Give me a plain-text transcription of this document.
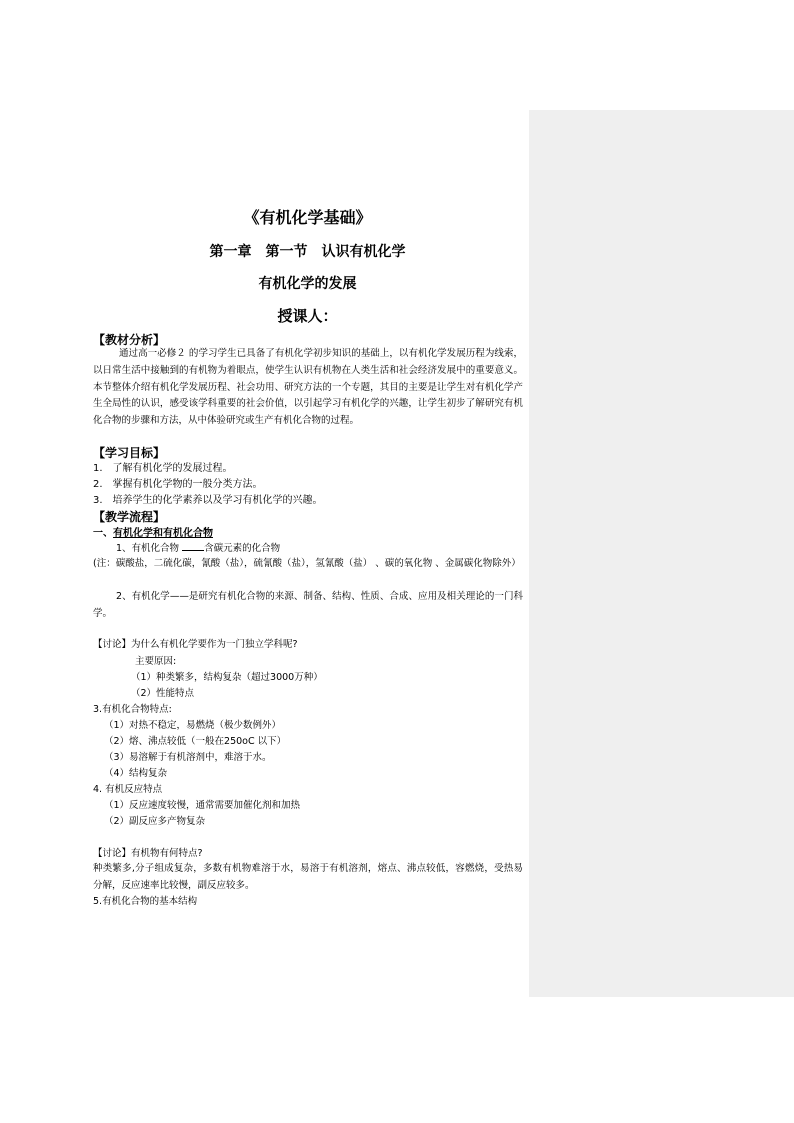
《有机化学基础》
第一章　第一节　认识有机化学
有机化学的发展
授课人：
【教材分析】
通过高一必修２ 的学习学生已具备了有机化学初步知识的基础上，以有机化学发展历程为线索，以日常生活中接触到的有机物为着眼点，使学生认识有机物在人类生活和社会经济发展中的重要意义。本节整体介绍有机化学发展历程、社会功用、研究方法的一个专题，其目的主要是让学生对有机化学产生全局性的认识，感受该学科重要的社会价值，以引起学习有机化学的兴趣，让学生初步了解研究有机化合物的步骤和方法，从中体验研究或生产有机化合物的过程。
【学习目标】
1.　了解有机化学的发展过程。
2.　掌握有机化学物的一般分类方法。
3.　培养学生的化学素养以及学习有机化学的兴趣。
【教学流程】
一、有机化学和有机化合物
1、有机化合物	含碳元素的化合物
(注：碳酸盐，二硫化碳，氰酸（盐），硫氰酸（盐），氢氰酸（盐） 、碳的氧化物 、金属碳化物除外）
2、有机化学——是研究有机化合物的来源、制备、结构、性质、合成、应用及相关理论的一门科学。
【讨论】为什么有机化学要作为一门独立学科呢?
主要原因:
（1）种类繁多，结构复杂（超过3000万种）
（2）性能特点
3.有机化合物特点:
（1）对热不稳定，易燃烧（极少数例外）
（2）熔、沸点较低（一般在250oC 以下）
（3）易溶解于有机溶剂中，难溶于水。
（4）结构复杂
4. 有机反应特点
（1）反应速度较慢，通常需要加催化剂和加热
（2）副反应多产物复杂
【讨论】有机物有何特点?
种类繁多,分子组成复杂，多数有机物难溶于水，易溶于有机溶剂，熔点、沸点较低，容燃烧，受热易分解，反应速率比较慢，副反应较多。
5.有机化合物的基本结构
